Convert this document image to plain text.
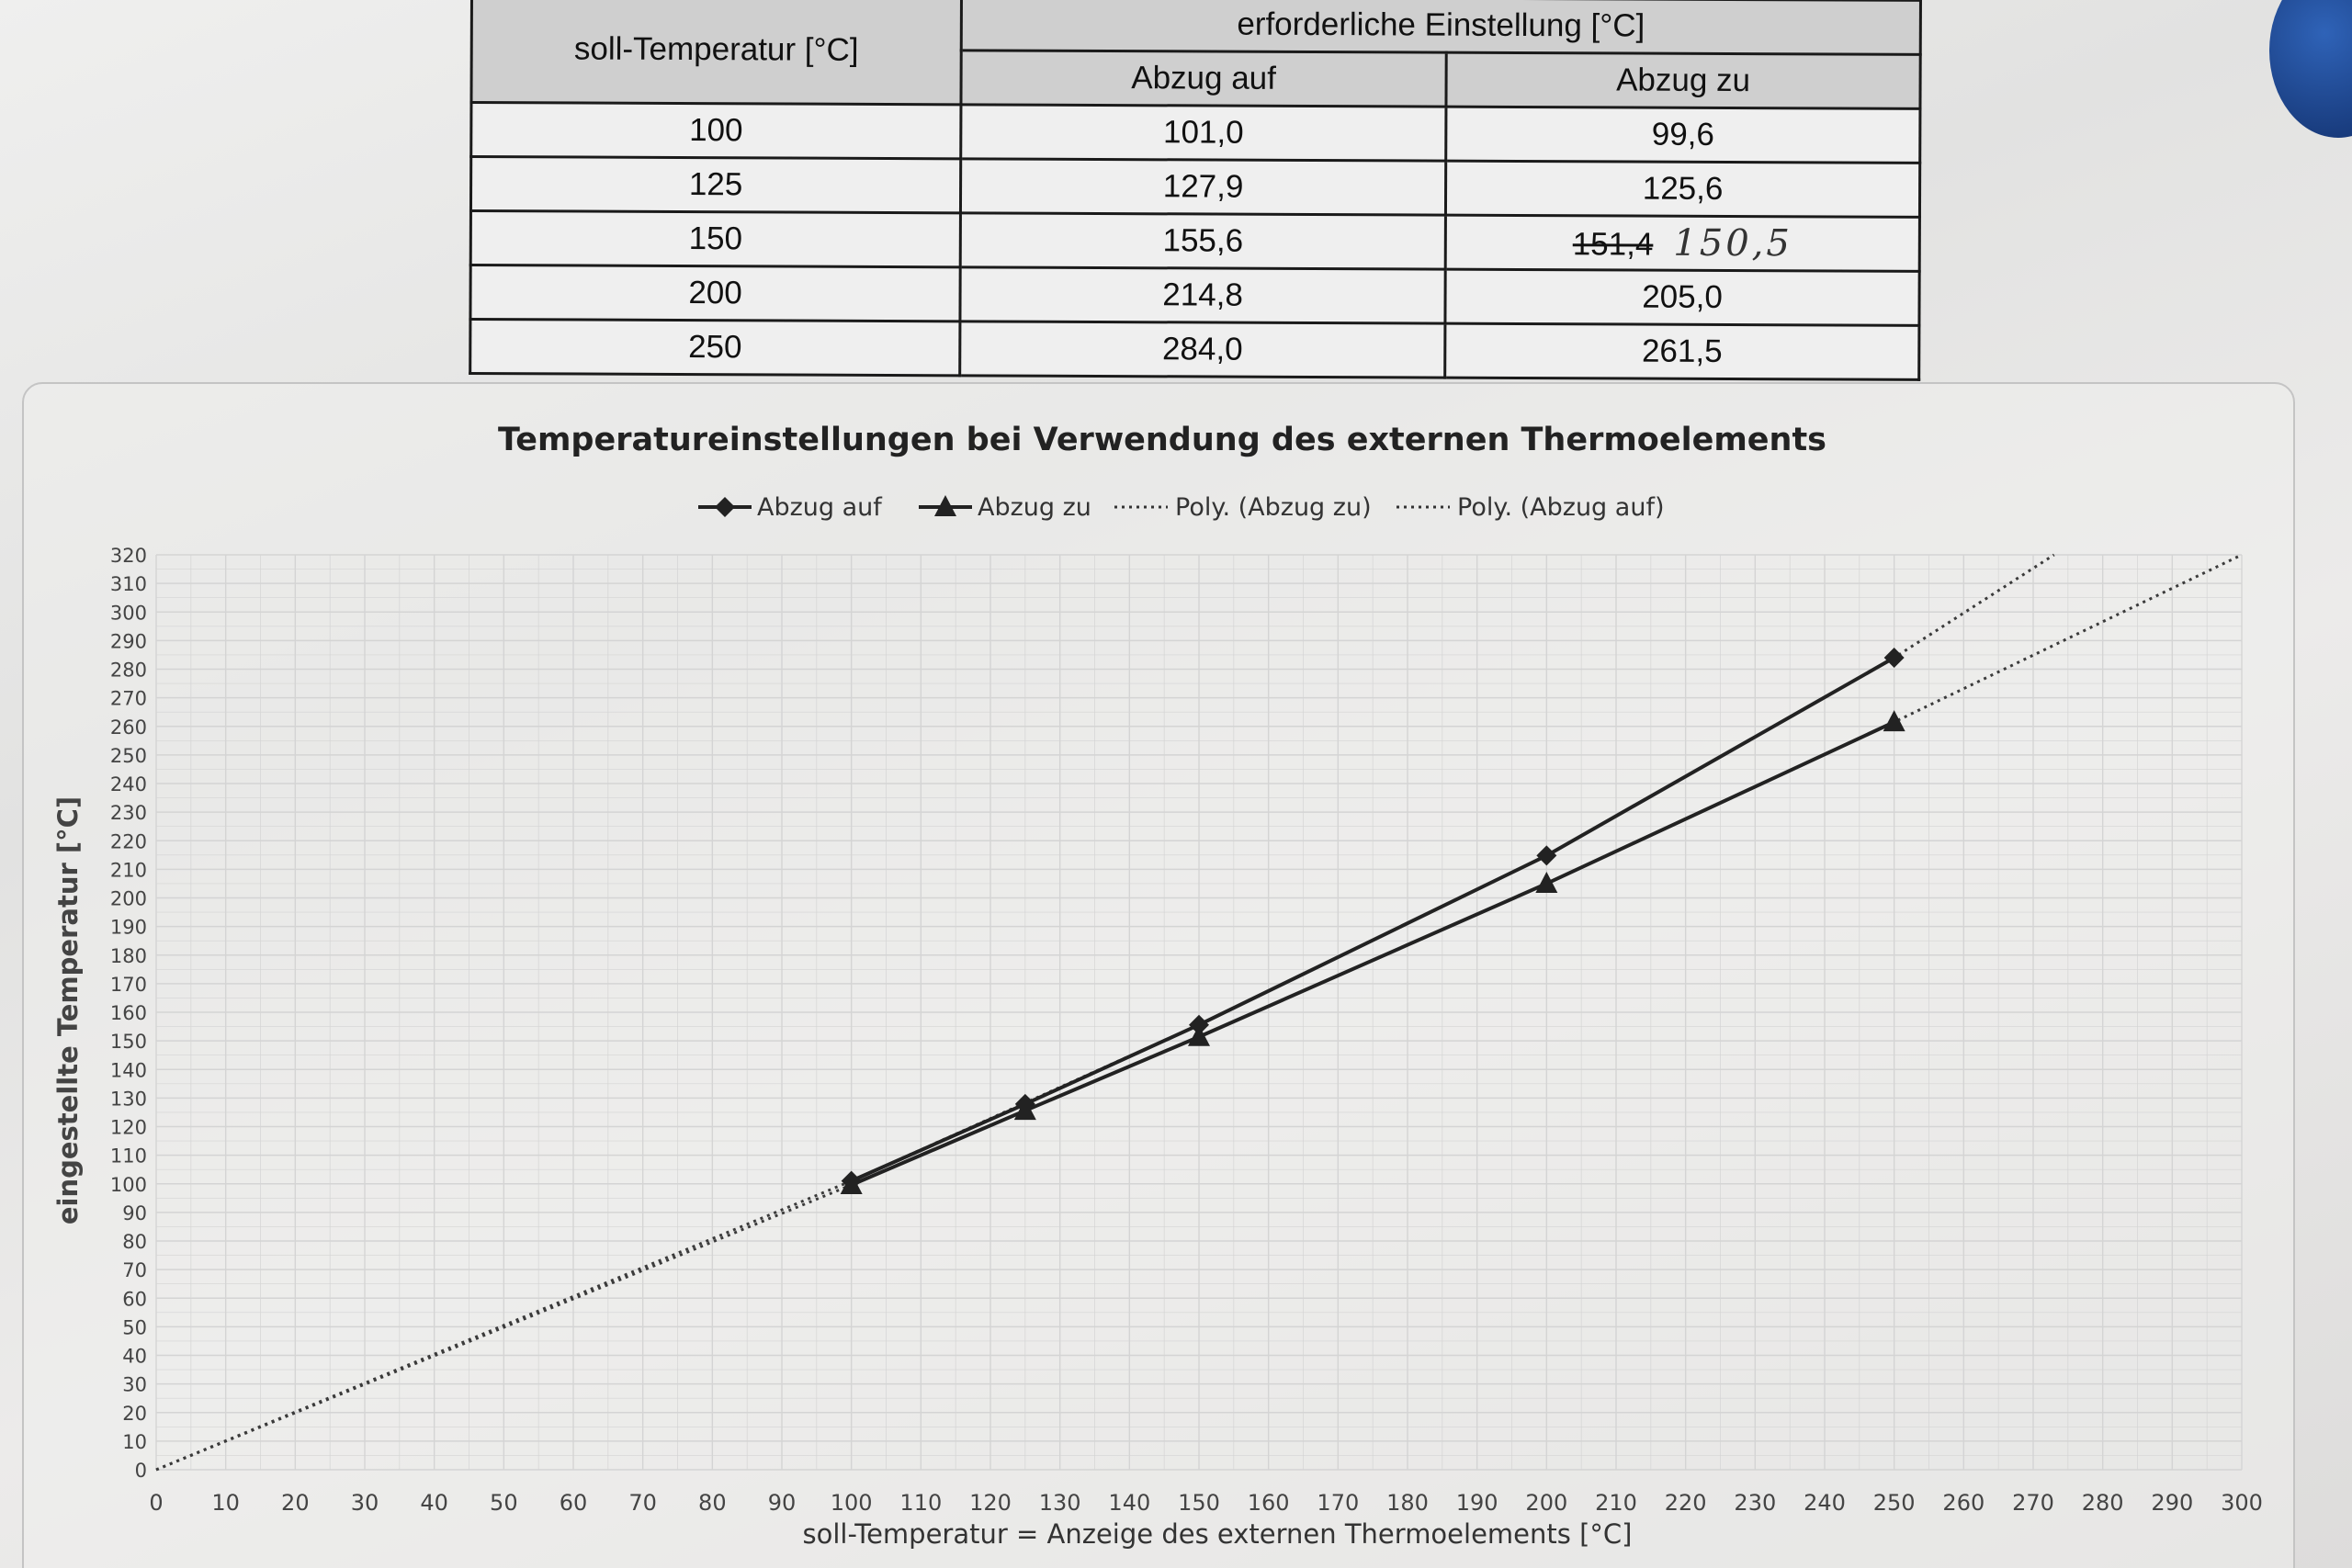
soll-Temperatur [°C]	erforderliche Einstellung [°C]	
	Abzug auf	Abzug zu
100	101,0	99,6
125	127,9	125,6
150	155,6	151,4 150,5
200	214,8	205,0
250	284,0	261,5
Temperatureinstellungen bei Verwendung des externen Thermoelements
0
10
20
30
40
50
60
70
80
90
100
110
120
130
140
150
160
170
180
190
200
210
220
230
240
250
260
270
280
290
300
310
320
0 10 20 30 40 50 60 70 80 90 100 110 120 130 140 150 160 170 180 190 200 210 220 230 240 250 260 270 280 290 300
soll-Temperatur = Anzeige des externen Thermoelements [°C]
eingestellte Temperatur [°C]
Abzug auf	Abzug zu	Poly. (Abzug zu)	Poly. (Abzug auf)
